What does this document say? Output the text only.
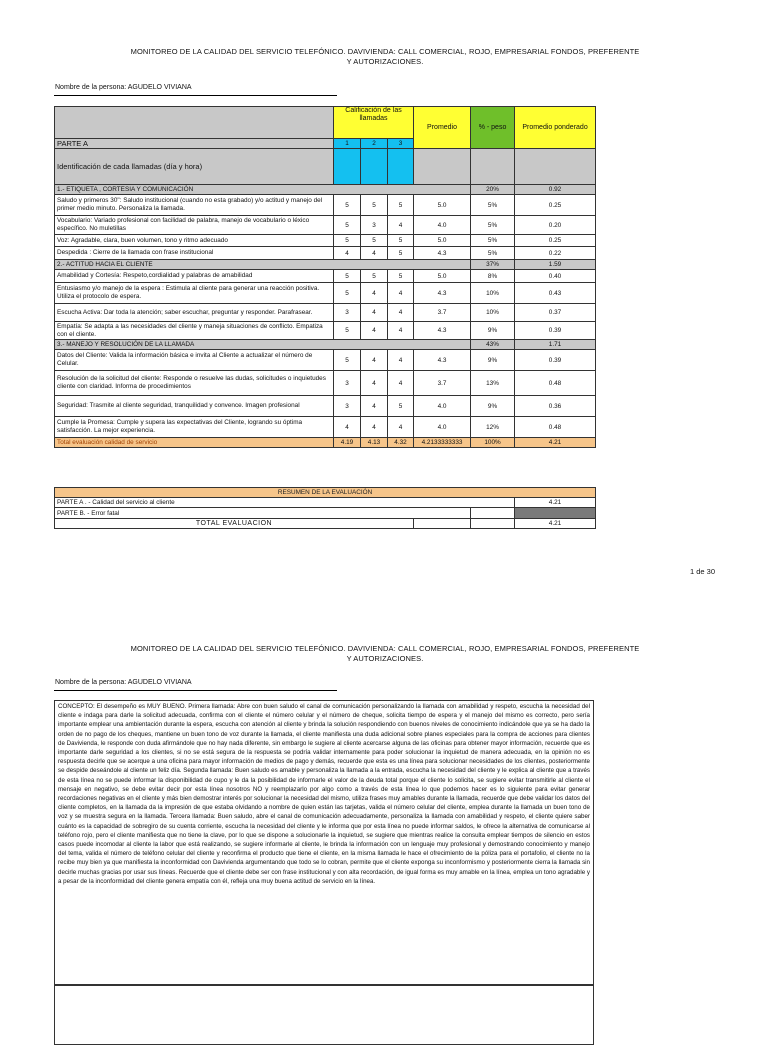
MONITOREO DE LA CALIDAD DEL SERVICIO TELEFÓNICO. DAVIVIENDA: CALL COMERCIAL, ROJO, EMPRESARIAL FONDOS, PREFERENTE
Y AUTORIZACIONES.
Nombre de la persona: AGUDELO VIVIANA
	Calificación de las llamadas			Promedio	% - peso	Promedio ponderado
PARTE A	1	2	3			
Identificación de cada llamadas (día y hora)						
1.- ETIQUETA , CORTESIA Y COMUNICACIÓN					20%	0.92
Saludo y primeros 30": Saludo institucional (cuando no esta grabado) y/o actitud y manejo del primer medio minuto. Personaliza la llamada.	5	5	5	5.0	5%	0.25
Vocabulario: Variado profesional con facilidad de palabra, manejo de vocabulario o léxico específico. No muletillas	5	3	4	4.0	5%	0.20
Voz: Agradable, clara, buen volumen, tono y ritmo adecuado	5	5	5	5.0	5%	0.25
Despedida : Cierre de la llamada con frase institucional	4	4	5	4.3	5%	0.22
2.- ACTITUD HACIA EL CLIENTE					37%	1.59
Amabilidad y Cortesía: Respeto,cordialidad y palabras de amabilidad	5	5	5	5.0	8%	0.40
Entusiasmo y/o manejo de la espera : Estimula al cliente para generar una reacción positiva. Utiliza el protocolo de espera.	5	4	4	4.3	10%	0.43
Escucha Activa: Dar toda la atención; saber escuchar, preguntar y responder. Parafrasear.	3	4	4	3.7	10%	0.37
Empatía: Se adapta a las necesidades del cliente y maneja situaciones de conflicto. Empatiza con el cliente.	5	4	4	4.3	9%	0.39
3.- MANEJO Y RESOLUCIÓN DE LA LLAMADA					43%	1.71
Datos del Cliente: Valida la información básica e invita al Cliente a actualizar el número de Celular.	5	4	4	4.3	9%	0.39
Resolución de la solicitud del cliente: Responde o resuelve las dudas, solicitudes o inquietudes cliente con claridad. Informa de procedimientos	3	4	4	3.7	13%	0.48
Seguridad: Trasmite al cliente seguridad, tranquilidad y convence. Imagen profesional	3	4	5	4.0	9%	0.36
Cumple la Promesa: Cumple y supera las expectativas del Cliente, logrando su óptima satisfacción. La mejor experiencia.	4	4	4	4.0	12%	0.48
Total evaluación calidad de servicio	4.19	4.13	4.32	4.2133333333	100%	4.21
RESUMEN DE LA EVALUACIÓN			
PARTE A . - Calidad del servicio al cliente			4.21
PARTE B. - Error fatal			
TOTAL EVALUACION			4.21
1 de 30
MONITOREO DE LA CALIDAD DEL SERVICIO TELEFÓNICO. DAVIVIENDA: CALL COMERCIAL, ROJO, EMPRESARIAL FONDOS, PREFERENTE
Y AUTORIZACIONES.
Nombre de la persona: AGUDELO VIVIANA
CONCEPTO: El desempeño es MUY BUENO. Primera llamada: Abre con buen saludo el canal de comunicación personalizando la llamada con amabilidad y respeto, escucha la necesidad del cliente e indaga para darle la solicitud adecuada, confirma con el cliente el número celular y el número de cheque, solicita tiempo de espera y el manejo del mismo es correcto, pero sería importante emplear una ambientación durante la espera, escucha con atención al cliente y brinda la solución respondiendo con buenos niveles de conocimiento indicándole que ya se ha dado la orden de no pago de los cheques, mantiene un buen tono de voz durante la llamada, el cliente manifiesta una duda adicional sobre planes especiales para la compra de acciones para clientes de Davivienda, le responde con duda afirmándole que no hay nada diferente, sin embargo le sugiere al cliente acercarse alguna de las oficinas para obtener mayor información, recuerde que es importante darle seguridad a los clientes, si no se está segura de la respuesta se podría validar internamente para poder solucionar la inquietud de manera adecuada, en la opinión no es respuesta decirle que se acerque a una oficina para mayor información de medios de pago y demás, recuerde que esta es una línea para solucionar necesidades de los clientes, posteriormente se despide deseándole al cliente un feliz día. Segunda llamada: Buen saludo es amable y personaliza la llamada a la entrada, escucha la necesidad del cliente y le explica al cliente que a través de esta línea no se puede informar la disponibilidad de cupo y le da la posibilidad de informarle el valor de la deuda total porque el cliente lo solicita, se sugiere evitar transmitirle al cliente el mensaje en negativo, se debe evitar decir por esta línea nosotros NO y reemplazarlo por algo como a través de esta línea lo que podemos hacer es lo siguiente para evitar generar recordaciones negativas en el cliente y más bien demostrar interés por solucionar la necesidad del mismo, utiliza frases muy amables durante la llamada, recuerde que debe validar los datos del cliente completos, en la llamada da la impresión de que estaba olvidando a nombre de quien están las tarjetas, valida el número celular del cliente, emplea durante la llamada un buen tono de voz y se muestra segura en la llamada. Tercera llamada: Buen saludo, abre el canal de comunicación adecuadamente, personaliza la llamada con amabilidad y respeto, el cliente quiere saber cuánto es la capacidad de sobregiro de su cuenta corriente, escucha la necesidad del cliente y le informa que por esta línea no puede informar saldos, le ofrece la alternativa de comunicarse al teléfono rojo, pero el cliente manifiesta que no tiene la clave, por lo que se dispone a solucionarle la inquietud, se sugiere que mientras realice la consulta emplear tiempos de silencio en estos casos puede incomodar al cliente la labor que está realizando, se sugiere informarle al cliente, le brinda la información con un lenguaje muy profesional y demostrando conocimiento y manejo del tema, valida el número de teléfono celular del cliente y reconfirma el producto que tiene el cliente, en la misma llamada le hace el ofrecimiento de la póliza para el portafolio, el cliente no la recibe muy bien ya que manifiesta la inconformidad con Davivienda argumentando que todo se lo cobran, permite que el cliente exponga su inconformismo y posteriormente cierra la llamada sin decirle muchas gracias por usar sus líneas. Recuerde que el cliente debe ser con frase institucional y con alta recordación, de igual forma es muy amable en la línea, emplea un tono agradable y a pesar de la inconformidad del cliente genera empatía con él, refleja una muy buena actitud de servicio en la línea.
